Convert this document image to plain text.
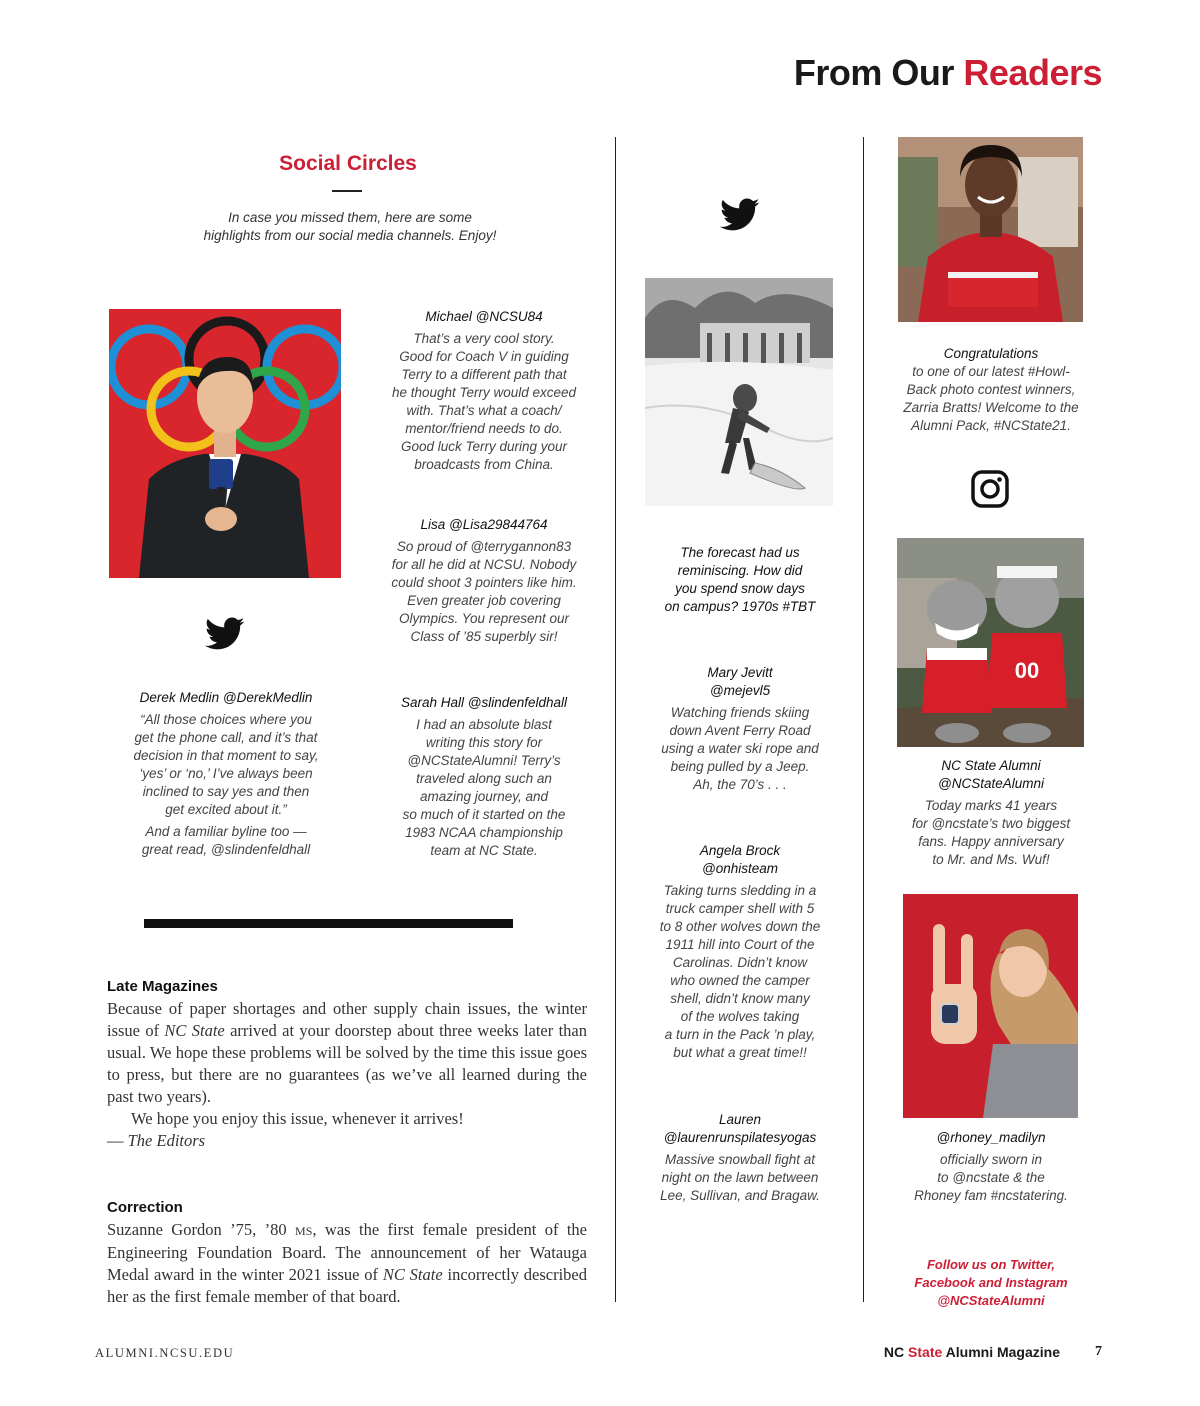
From Our Readers
Social Circles
In case you missed them, here are some
highlights from our social media channels. Enjoy!
Michael @NCSU84
That’s a very cool story.
Good for Coach V in guiding
Terry to a different path that
he thought Terry would exceed
with. That’s what a coach/
mentor/friend needs to do.
Good luck Terry during your
broadcasts from China.
Lisa @Lisa29844764
So proud of @terrygannon83
for all he did at NCSU. Nobody
could shoot 3 pointers like him.
Even greater job covering
Olympics. You represent our
Class of ’85 superbly sir!
Derek Medlin @DerekMedlin
“All those choices where you
get the phone call, and it’s that
decision in that moment to say,
‘yes’ or ‘no,’ I’ve always been
inclined to say yes and then
get excited about it.”
And a familiar byline too —
great read, @slindenfeldhall
Sarah Hall @slindenfeldhall
I had an absolute blast
writing this story for
@NCStateAlumni! Terry’s
traveled along such an
amazing journey, and
so much of it started on the
1983 NCAA championship
team at NC State.
Late Magazines

Because of paper shortages and other supply chain issues, the winter issue of NC State arrived at your doorstep about three weeks later than usual. We hope these problems will be solved by the time this issue goes to press, but there are no guarantees (as we’ve all learned during the past two years).

We hope you enjoy this issue, whenever it arrives!

— The Editors

Correction

Suzanne Gordon ’75, ’80 MS, was the first female president of the Engineering Foundation Board. The announcement of her Watauga Medal award in the winter 2021 issue of NC State incorrectly described her as the first female member of that board.

The forecast had us
reminiscing. How did
you spend snow days
on campus? 1970s #TBT
Mary Jevitt
@mejevl5
Watching friends skiing
down Avent Ferry Road
using a water ski rope and
being pulled by a Jeep.
Ah, the 70’s . . .
Angela Brock
@onhisteam
Taking turns sledding in a
truck camper shell with 5
to 8 other wolves down the
1911 hill into Court of the
Carolinas. Didn’t know
who owned the camper
shell, didn’t know many
of the wolves taking
a turn in the Pack ’n play,
but what a great time!!
Lauren
@laurenrunspilatesyogas
Massive snowball fight at
night on the lawn between
Lee, Sullivan, and Bragaw.
Congratulations
to one of our latest #Howl-
Back photo contest winners,
Zarria Bratts! Welcome to the
Alumni Pack, #NCState21.
00
NC State Alumni
@NCStateAlumni
Today marks 41 years
for @ncstate’s two biggest
fans. Happy anniversary
to Mr. and Ms. Wuf!
@rhoney_madilyn
officially sworn in
to @ncstate & the
Rhoney fam #ncstatering.
Follow us on Twitter,
Facebook and Instagram
@NCStateAlumni
ALUMNI.NCSU.EDU	NC State Alumni Magazine	7
